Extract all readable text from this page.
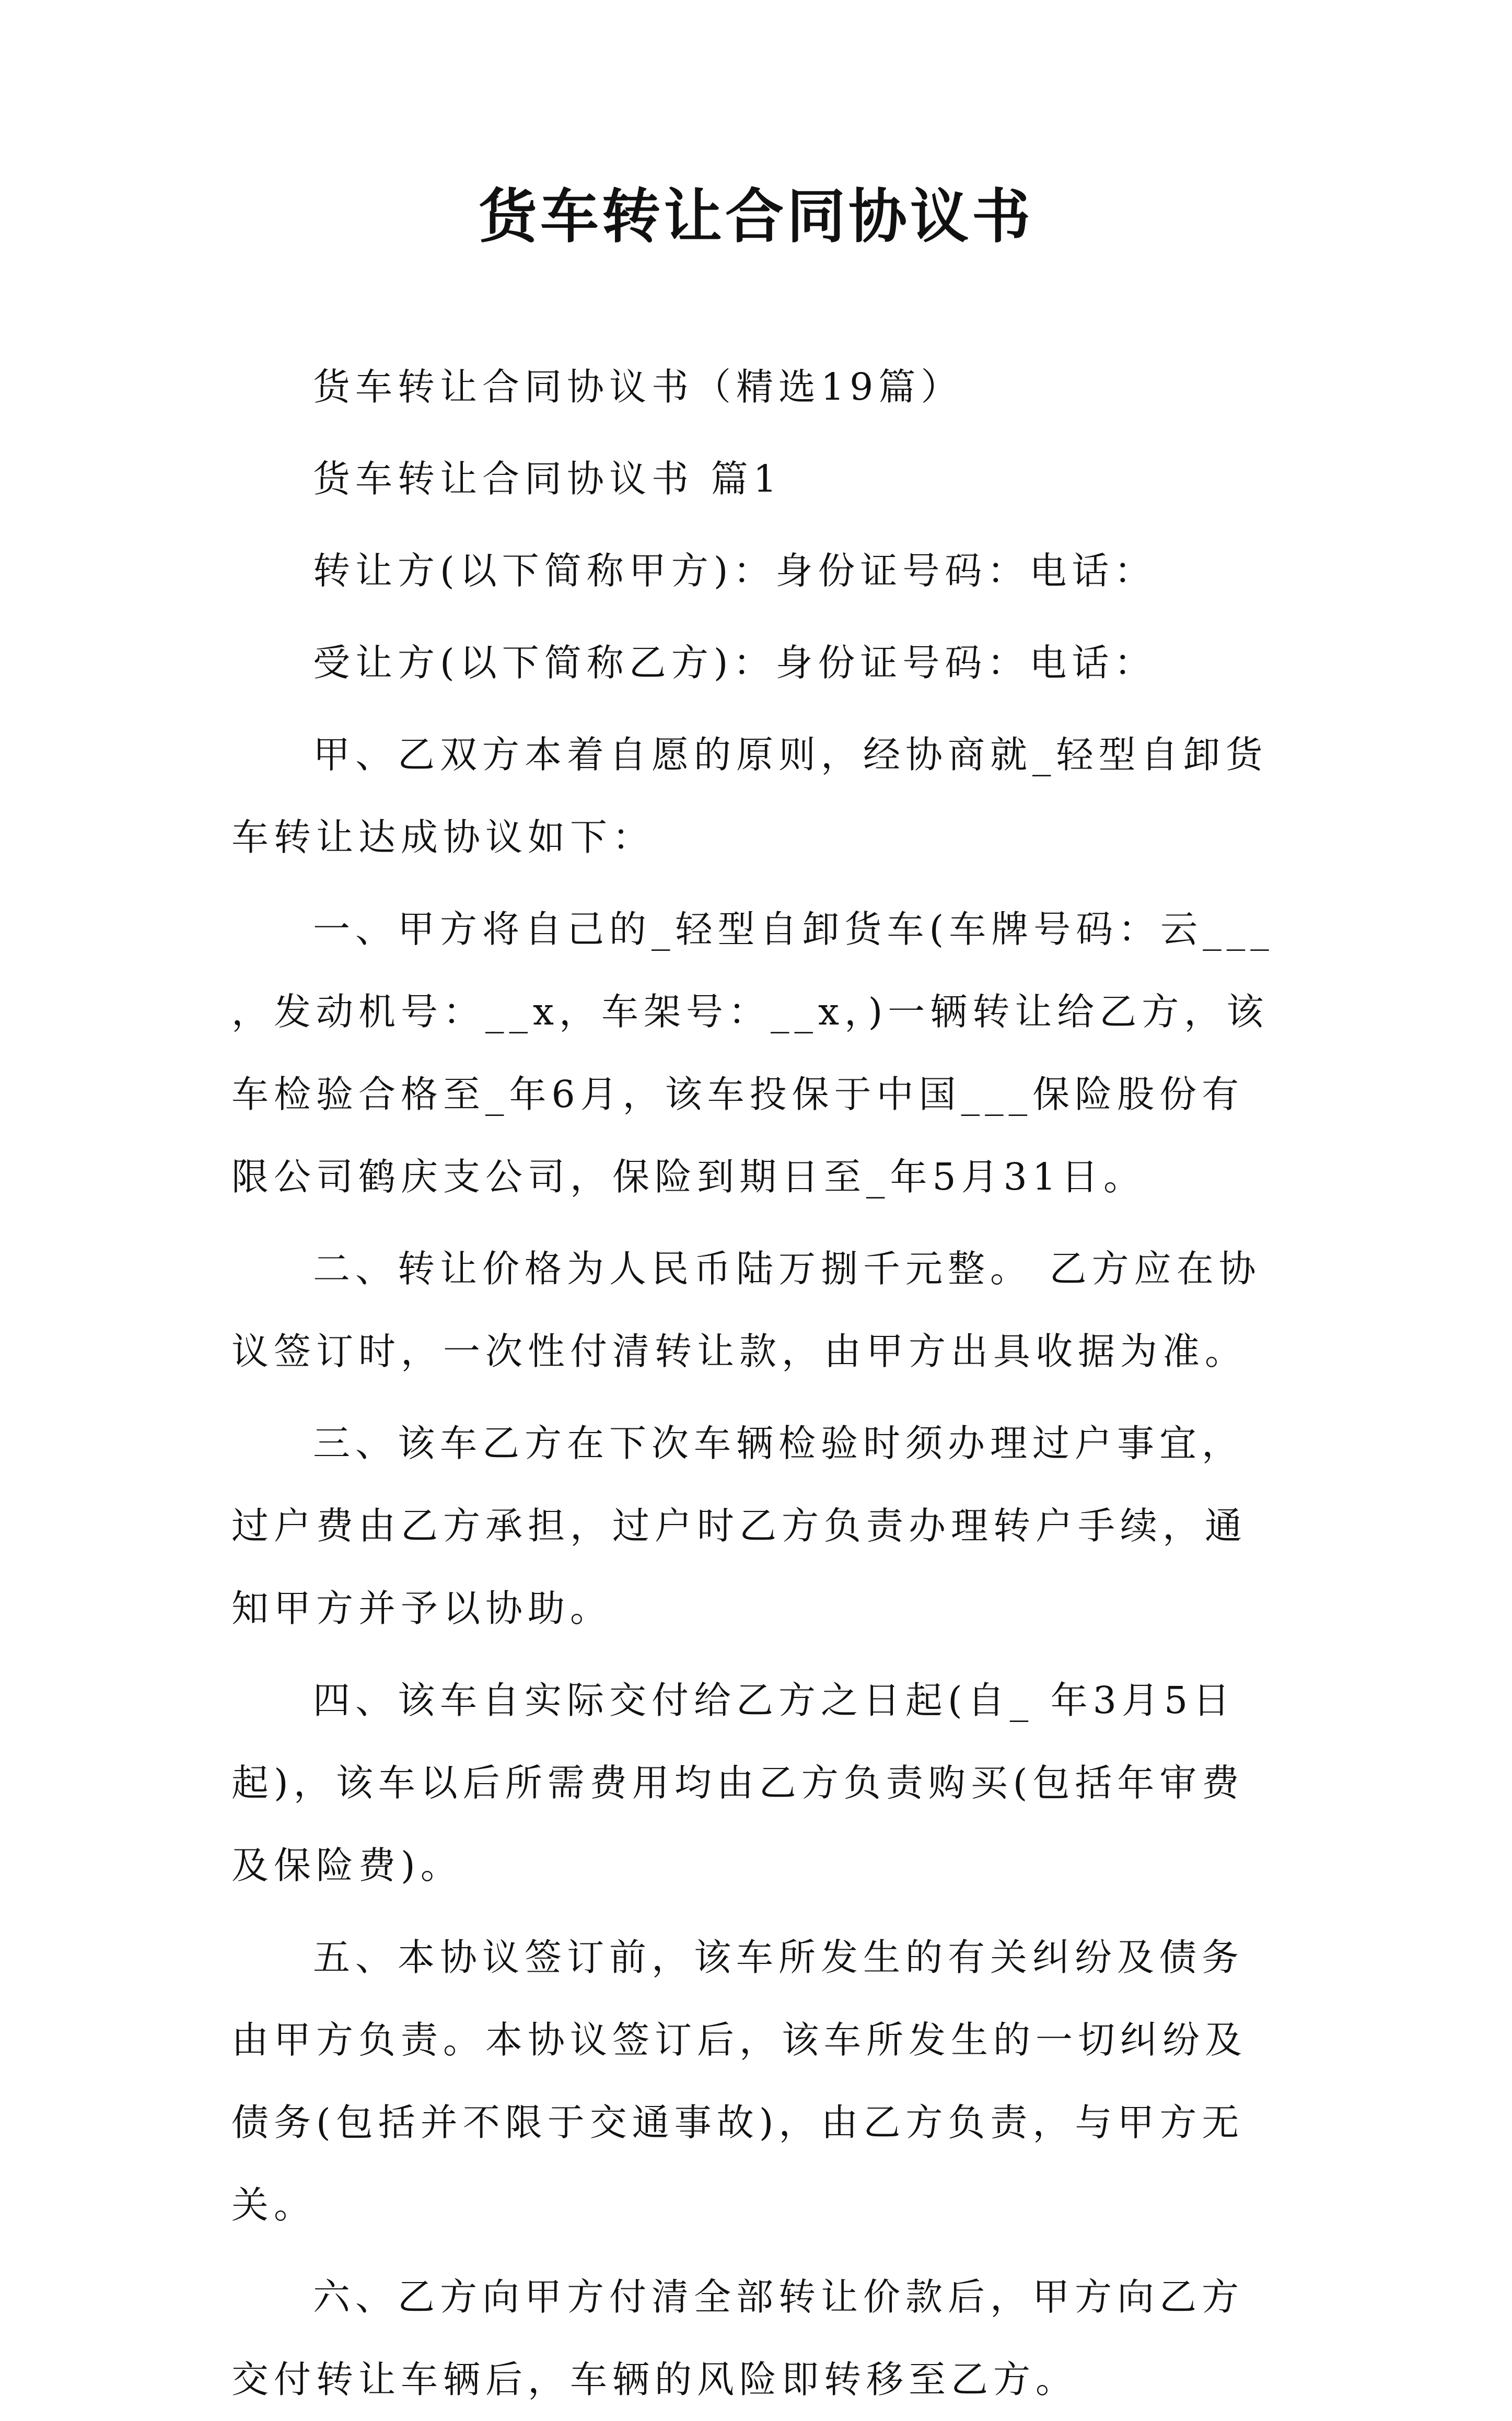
货车转让合同协议书

货车转让合同协议书（精选19篇）

货车转让合同协议书 篇1

转让方(以下简称甲方)：身份证号码：电话：

受让方(以下简称乙方)：身份证号码：电话：

甲、乙双方本着自愿的原则，经协商就_轻型自卸货车转让达成协议如下：

一、甲方将自己的_轻型自卸货车(车牌号码：云___ ，发动机号：__x，车架号：__x，)一辆转让给乙方，该车检验合格至_年6月，该车投保于中国___保险股份有限公司鹤庆支公司，保险到期日至_年5月31日。

二、转让价格为人民币陆万捌千元整。 乙方应在协议签订时，一次性付清转让款，由甲方出具收据为准。

三、该车乙方在下次车辆检验时须办理过户事宜，过户费由乙方承担，过户时乙方负责办理转户手续，通知甲方并予以协助。

四、该车自实际交付给乙方之日起(自_ 年3月5日起)，该车以后所需费用均由乙方负责购买(包括年审费及保险费)。

五、本协议签订前，该车所发生的有关纠纷及债务由甲方负责。本协议签订后，该车所发生的一切纠纷及债务(包括并不限于交通事故)，由乙方负责，与甲方无关。

六、乙方向甲方付清全部转让价款后，甲方向乙方交付转让车辆后，车辆的风险即转移至乙方。
